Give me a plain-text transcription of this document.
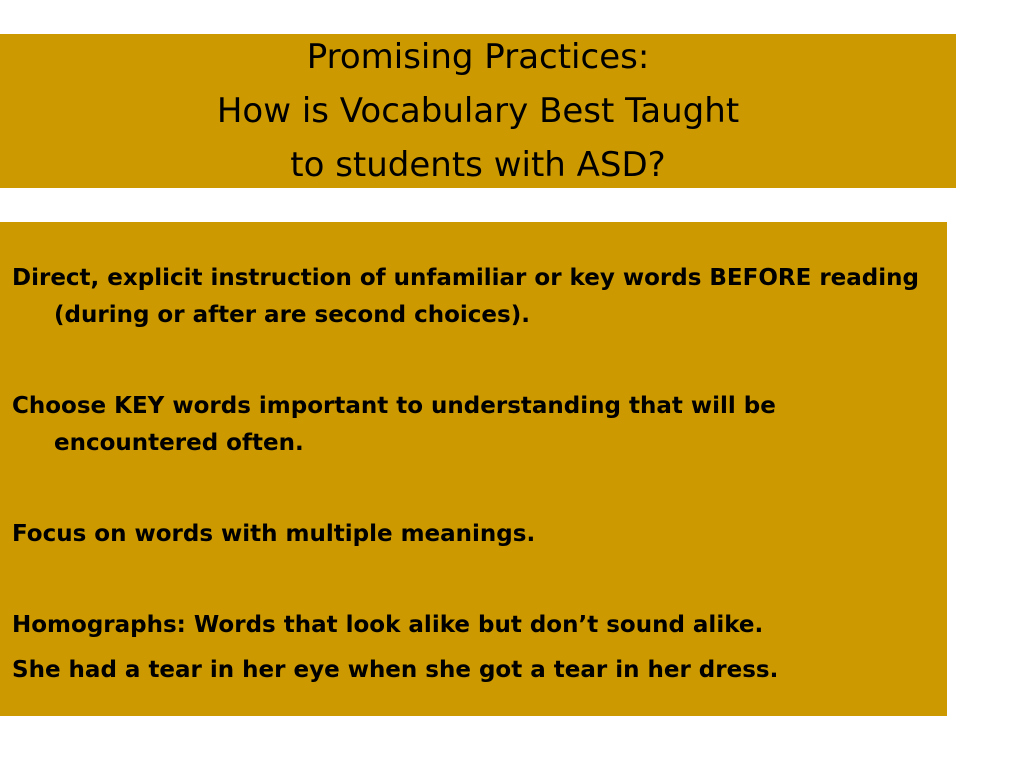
Promising Practices:
How is Vocabulary Best Taught
to students with ASD?

Direct, explicit instruction of unfamiliar or key words BEFORE reading (during or after are second choices).

Choose KEY words important to understanding that will be encountered often.

Focus on words with multiple meanings.

Homographs: Words that look alike but don’t sound alike.

She had a tear in her eye when she got a tear in her dress.
